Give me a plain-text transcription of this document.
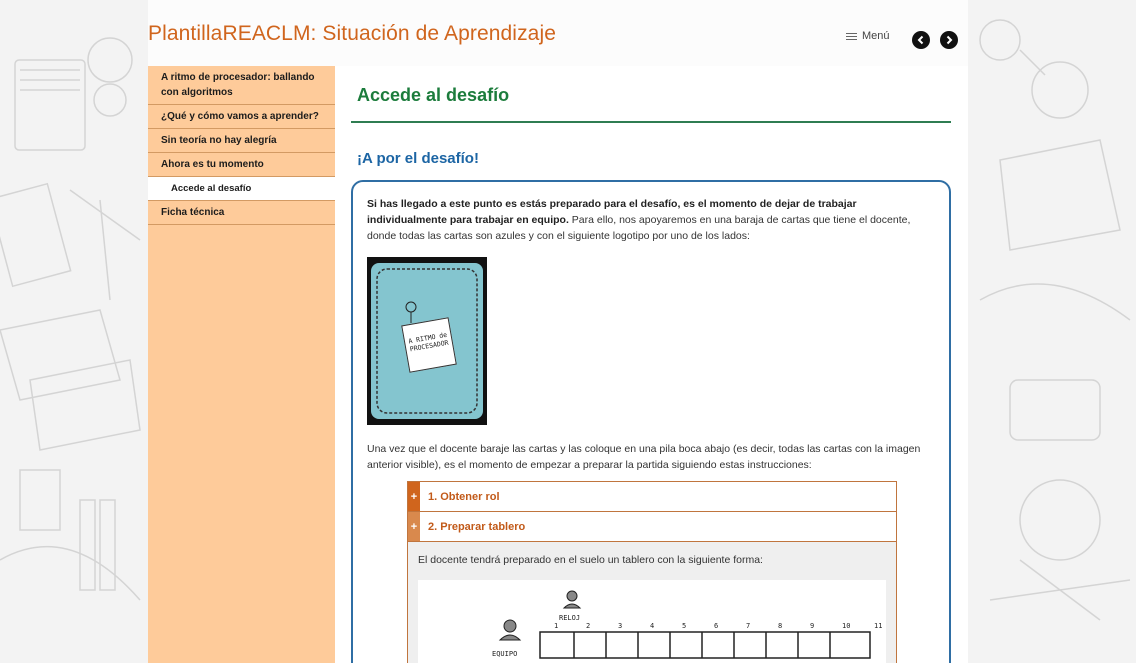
PlantillaREACLM: Situación de Aprendizaje	Menú
A ritmo de procesador: ballando con algoritmos
¿Qué y cómo vamos a aprender?
Sin teoría no hay alegría
Ahora es tu momento
Accede al desafío
Ficha técnica
Accede al desafío
¡A por el desafío!

Si has llegado a este punto es estás preparado para el desafío, es el momento de dejar de trabajar individualmente para trabajar en equipo. Para ello, nos apoyaremos en una baraja de cartas que tiene el docente, donde todas las cartas son azules y con el siguiente logotipo por uno de los lados:

A RITMO de PROCESADOR

Una vez que el docente baraje las cartas y las coloque en una pila boca abajo (es decir, todas las cartas con la imagen anterior visible), es el momento de empezar a preparar la partida siguiendo estas instrucciones:

+ 1. Obtener rol
+ 2. Preparar tablero

El docente tendrá preparado en el suelo un tablero con la siguiente forma:

RELOJ
EQUIPO
1	2	3	4	5	6	7	8	9	10	11
